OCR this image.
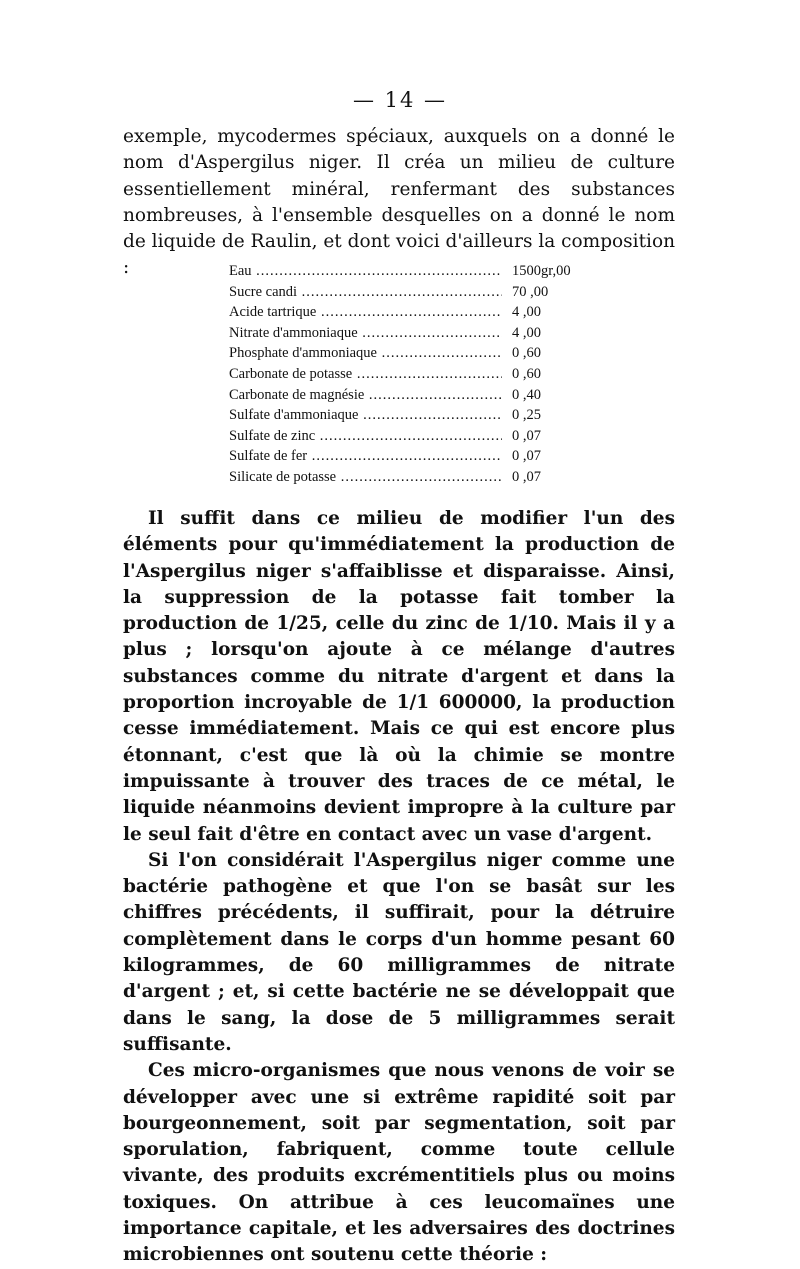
— 14 —

exemple, mycodermes spéciaux, auxquels on a donné le nom d'Aspergilus niger. Il créa un milieu de culture essentiellement minéral, renfermant des substances nombreuses, à l'ensemble desquelles on a donné le nom de liquide de Raulin, et dont voici d'ailleurs la composition :	Eau .....	1500gr,00
Sucre candi .....	70 ,00
Acide tartrique .....	4 ,00
Nitrate d'ammoniaque .....	4 ,00
Phosphate d'ammoniaque .....	0 ,60
Carbonate de potasse .....	0 ,60
Carbonate de magnésie .....	0 ,40
Sulfate d'ammoniaque .....	0 ,25
Sulfate de zinc .....	0 ,07
Sulfate de fer .....	0 ,07
Silicate de potasse .....	0 ,07

Il suffit dans ce milieu de modifier l'un des éléments pour qu'immédiatement la production de l'Aspergilus niger s'affaiblisse et disparaisse. Ainsi, la suppression de la potasse fait tomber la production de 1/25, celle du zinc de 1/10. Mais il y a plus ; lorsqu'on ajoute à ce mélange d'autres substances comme du nitrate d'argent et dans la proportion incroyable de 1/1 600000, la production cesse immédiatement. Mais ce qui est encore plus étonnant, c'est que là où la chimie se montre impuissante à trouver des traces de ce métal, le liquide néanmoins devient impropre à la culture par le seul fait d'être en contact avec un vase d'argent.

Si l'on considérait l'Aspergilus niger comme une bactérie pathogène et que l'on se basât sur les chiffres précédents, il suffirait, pour la détruire complètement dans le corps d'un homme pesant 60 kilogrammes, de 60 milligrammes de nitrate d'argent ; et, si cette bactérie ne se développait que dans le sang, la dose de 5 milligrammes serait suffisante.

Ces micro-organismes que nous venons de voir se développer avec une si extrême rapidité soit par bourgeonnement, soit par segmentation, soit par sporulation, fabriquent, comme toute cellule vivante, des produits excrémentitiels plus ou moins toxiques. On attribue à ces leucomaïnes une importance capitale, et les adversaires des doctrines microbiennes ont soutenu cette théorie :
